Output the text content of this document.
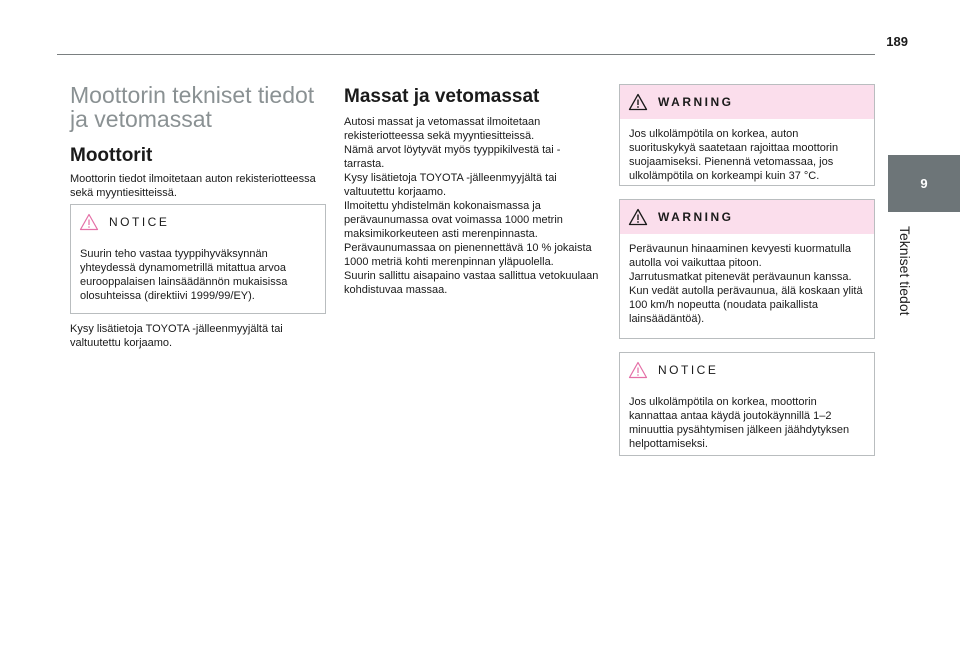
189
9
Tekniset tiedot
Moottorin tekniset tiedot ja vetomassat
Moottorit
Moottorin tiedot ilmoitetaan auton rekisteriotteessa sekä myyntiesitteissä.
NOTICE
Suurin teho vastaa tyyppihyväksynnän yhteydessä dynamometrillä mitattua arvoa eurooppalaisen lainsäädännön mukaisissa olosuhteissa (direktiivi 1999/99/EY).
Kysy lisätietoja TOYOTA -jälleenmyyjältä tai valtuutettu korjaamo.
Massat ja vetomassat
Autosi massat ja vetomassat ilmoitetaan rekisteriotteessa sekä myyntiesitteissä.
Nämä arvot löytyvät myös tyyppikilvestä tai -tarrasta.
Kysy lisätietoja TOYOTA -jälleenmyyjältä tai valtuutettu korjaamo.
Ilmoitettu yhdistelmän kokonaismassa ja perävaunumassa ovat voimassa 1000 metrin maksimikorkeuteen asti merenpinnasta. Perävaunumassaa on pienennettävä 10 % jokaista 1000 metriä kohti merenpinnan yläpuolella.
Suurin sallittu aisapaino vastaa sallittua vetokuulaan kohdistuvaa massaa.
WARNING
Jos ulkolämpötila on korkea, auton suorituskykyä saatetaan rajoittaa moottorin suojaamiseksi. Pienennä vetomassaa, jos ulkolämpötila on korkeampi kuin 37 °C.
WARNING
Perävaunun hinaaminen kevyesti kuormatulla autolla voi vaikuttaa pitoon.
Jarrutusmatkat pitenevät perävaunun kanssa.
Kun vedät autolla perävaunua, älä koskaan ylitä 100 km/h nopeutta (noudata paikallista lainsäädäntöä).
NOTICE
Jos ulkolämpötila on korkea, moottorin kannattaa antaa käydä joutokäynnillä 1–2 minuuttia pysähtymisen jälkeen jäähdytyksen helpottamiseksi.
